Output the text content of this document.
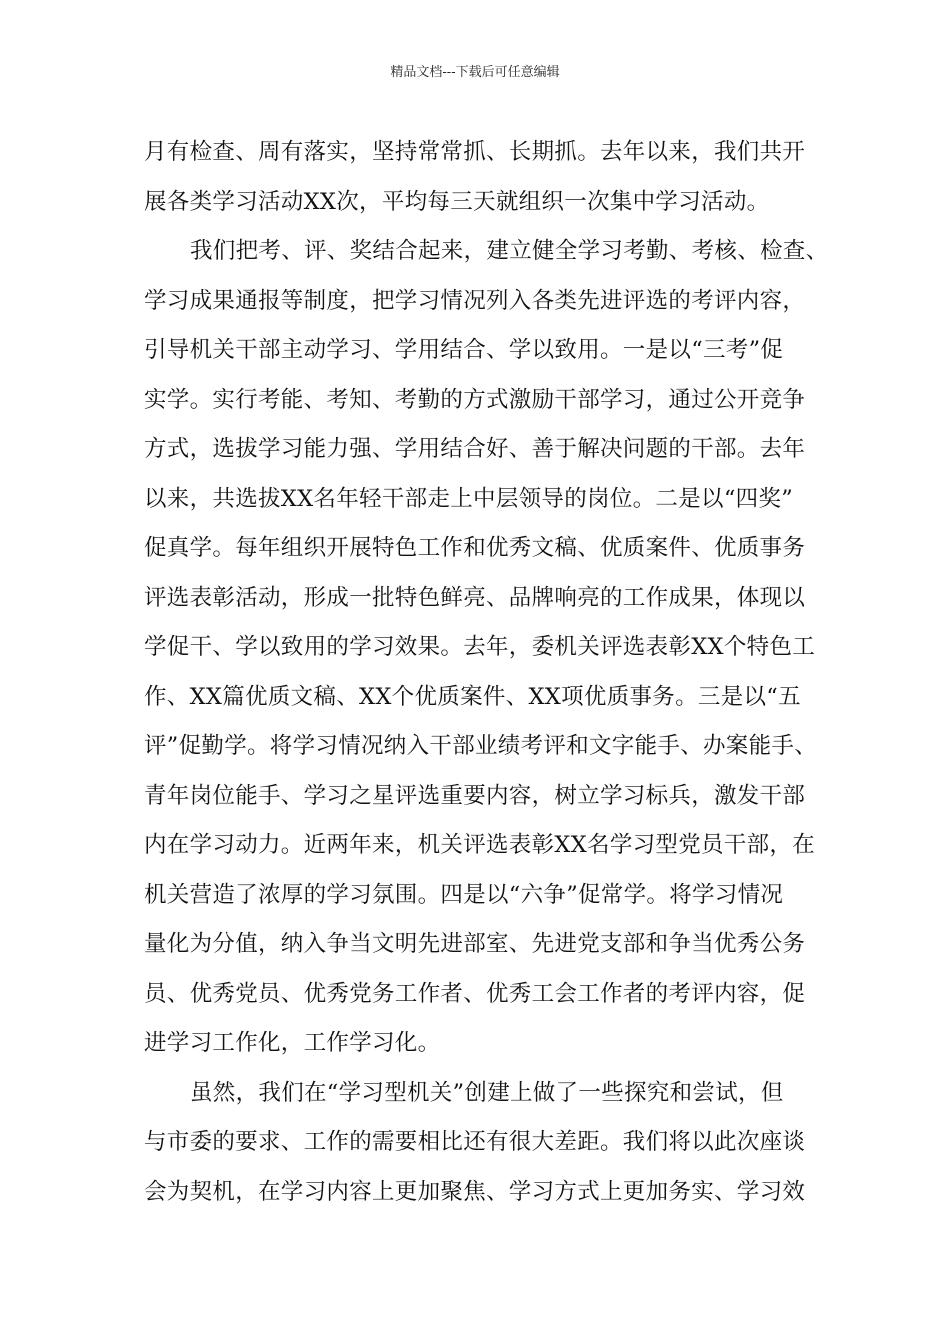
精品文档---下载后可任意编辑
月有检查、周有落实，坚持常常抓、长期抓。去年以来，我们共开
展各类学习活动XX次，平均每三天就组织一次集中学习活动。
我们把考、评、奖结合起来，建立健全学习考勤、考核、检查、
学习成果通报等制度，把学习情况列入各类先进评选的考评内容，
引导机关干部主动学习、学用结合、学以致用。一是以“三考”促
实学。实行考能、考知、考勤的方式激励干部学习，通过公开竞争
方式，选拔学习能力强、学用结合好、善于解决问题的干部。去年
以来，共选拔XX名年轻干部走上中层领导的岗位。二是以“四奖”
促真学。每年组织开展特色工作和优秀文稿、优质案件、优质事务
评选表彰活动，形成一批特色鲜亮、品牌响亮的工作成果，体现以
学促干、学以致用的学习效果。去年，委机关评选表彰XX个特色工
作、XX篇优质文稿、XX个优质案件、XX项优质事务。三是以“五
评”促勤学。将学习情况纳入干部业绩考评和文字能手、办案能手、
青年岗位能手、学习之星评选重要内容，树立学习标兵，激发干部
内在学习动力。近两年来，机关评选表彰XX名学习型党员干部，在
机关营造了浓厚的学习氛围。四是以“六争”促常学。将学习情况
量化为分值，纳入争当文明先进部室、先进党支部和争当优秀公务
员、优秀党员、优秀党务工作者、优秀工会工作者的考评内容，促
进学习工作化，工作学习化。
虽然，我们在“学习型机关”创建上做了一些探究和尝试，但
与市委的要求、工作的需要相比还有很大差距。我们将以此次座谈
会为契机，在学习内容上更加聚焦、学习方式上更加务实、学习效
